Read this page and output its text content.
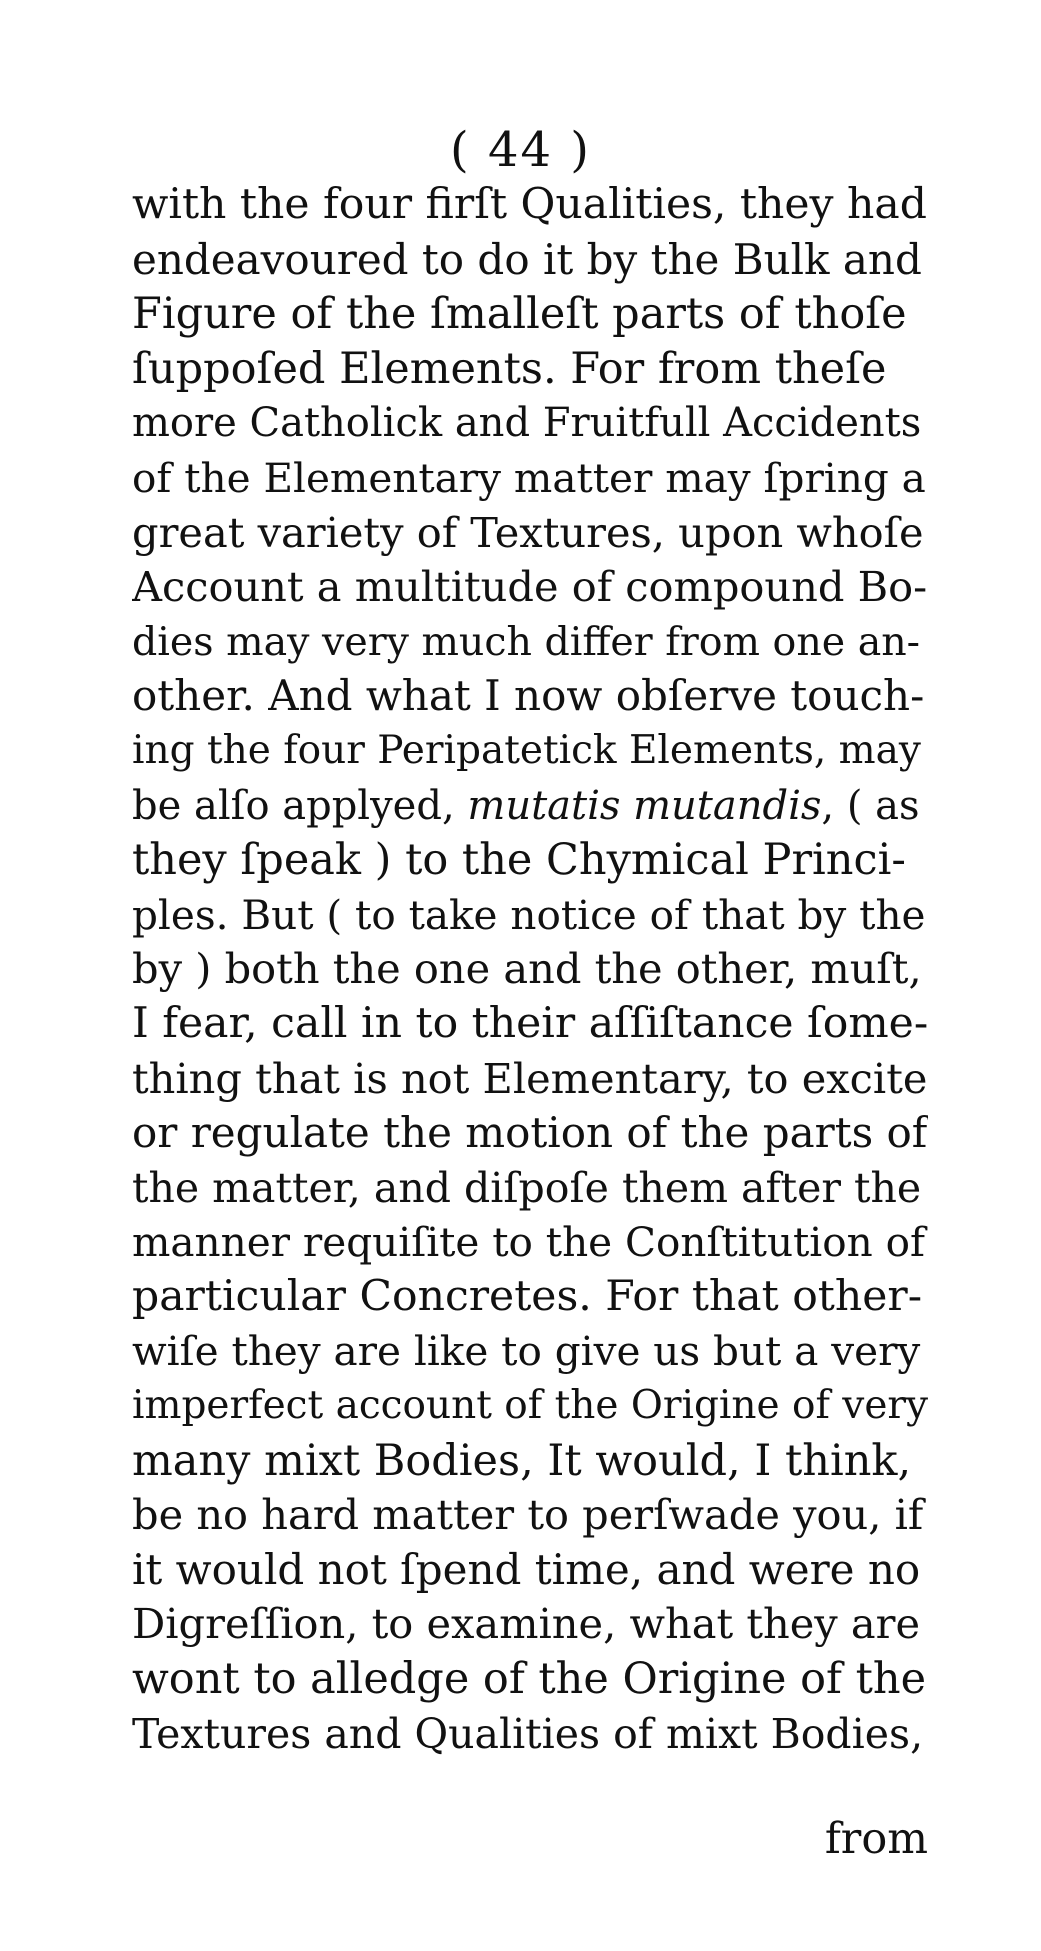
( 44 )
with the four firſt Qualities, they had
endeavoured to do it by the Bulk and
Figure of the ſmalleſt parts of thoſe
ſuppoſed Elements. For from theſe
more Catholick and Fruitfull Accidents
of the Elementary matter may ſpring a
great variety of Textures, upon whoſe
Account a multitude of compound Bo-
dies may very much differ from one an-
other. And what I now obſerve touch-
ing the four Peripatetick Elements, may
be alſo applyed, mutatis mutandis, ( as
they ſpeak ) to the Chymical Princi-
ples. But ( to take notice of that by the
by ) both the one and the other, muſt,
I fear, call in to their aſſiſtance ſome-
thing that is not Elementary, to excite
or regulate the motion of the parts of
the matter, and diſpoſe them after the
manner requiſite to the Conſtitution of
particular Concretes. For that other-
wiſe they are like to give us but a very
imperfect account of the Origine of very
many mixt Bodies, It would, I think,
be no hard matter to perſwade you, if
it would not ſpend time, and were no
Digreſſion, to examine, what they are
wont to alledge of the Origine of the
Textures and Qualities of mixt Bodies,
from
